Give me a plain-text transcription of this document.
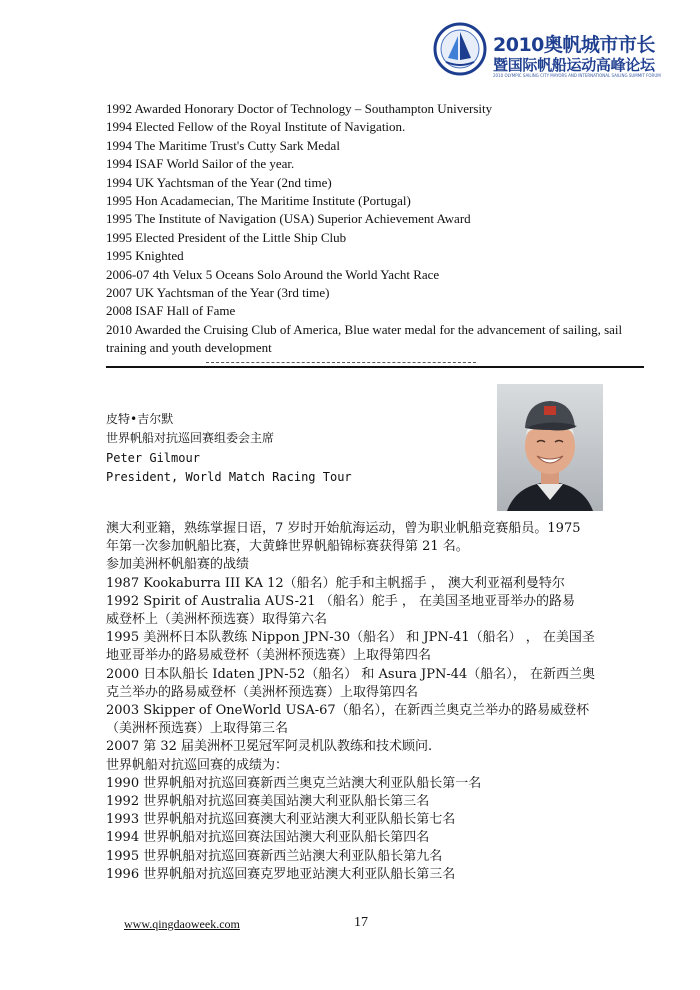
2010奥帆城市市长
暨国际帆船运动高峰论坛
2010 OLYMPIC SAILING CITY MAYORS AND INTERNATIONAL SAILING SUMMIT FORUM
1992 Awarded Honorary Doctor of Technology – Southampton University
1994 Elected Fellow of the Royal Institute of Navigation.
1994 The Maritime Trust's Cutty Sark Medal
1994 ISAF World Sailor of the year.
1994 UK Yachtsman of the Year (2nd time)
1995 Hon Acadamecian, The Maritime Institute (Portugal)
1995 The Institute of Navigation (USA) Superior Achievement Award
1995 Elected President of the Little Ship Club
1995 Knighted
2006-07 4th Velux 5 Oceans Solo Around the World Yacht Race
2007 UK Yachtsman of the Year (3rd time)
2008 ISAF Hall of Fame
2010 Awarded the Cruising Club of America, Blue water medal for the advancement of sailing, sail training and youth development
皮特•吉尔默
世界帆船对抗巡回赛组委会主席
Peter Gilmour
President, World Match Racing Tour
澳大利亚籍，熟练掌握日语，7 岁时开始航海运动，曾为职业帆船竞赛船员。1975
年第一次参加帆船比赛，大黄蜂世界帆船锦标赛获得第 21 名。
参加美洲杯帆船赛的战绩
1987 Kookaburra III KA 12（船名）舵手和主帆摇手 ， 澳大利亚福利曼特尔
1992 Spirit of Australia AUS-21 （船名）舵手 ， 在美国圣地亚哥举办的路易
威登杯上（美洲杯预选赛）取得第六名
1995 美洲杯日本队教练 Nippon JPN-30（船名） 和 JPN-41（船名） ， 在美国圣
地亚哥举办的路易威登杯（美洲杯预选赛）上取得第四名
2000 日本队船长 Idaten JPN-52（船名） 和 Asura JPN-44（船名）， 在新西兰奥
克兰举办的路易威登杯（美洲杯预选赛）上取得第四名
2003 Skipper of OneWorld USA-67（船名），在新西兰奥克兰举办的路易威登杯
（美洲杯预选赛）上取得第三名
2007 第 32 届美洲杯卫冕冠军阿灵机队教练和技术顾问.
世界帆船对抗巡回赛的成绩为：
1990 世界帆船对抗巡回赛新西兰奥克兰站澳大利亚队船长第一名
1992 世界帆船对抗巡回赛美国站澳大利亚队船长第三名
1993 世界帆船对抗巡回赛澳大利亚站澳大利亚队船长第七名
1994 世界帆船对抗巡回赛法国站澳大利亚队船长第四名
1995 世界帆船对抗巡回赛新西兰站澳大利亚队船长第九名
1996 世界帆船对抗巡回赛克罗地亚站澳大利亚队船长第三名
www.qingdaoweek.com	17
